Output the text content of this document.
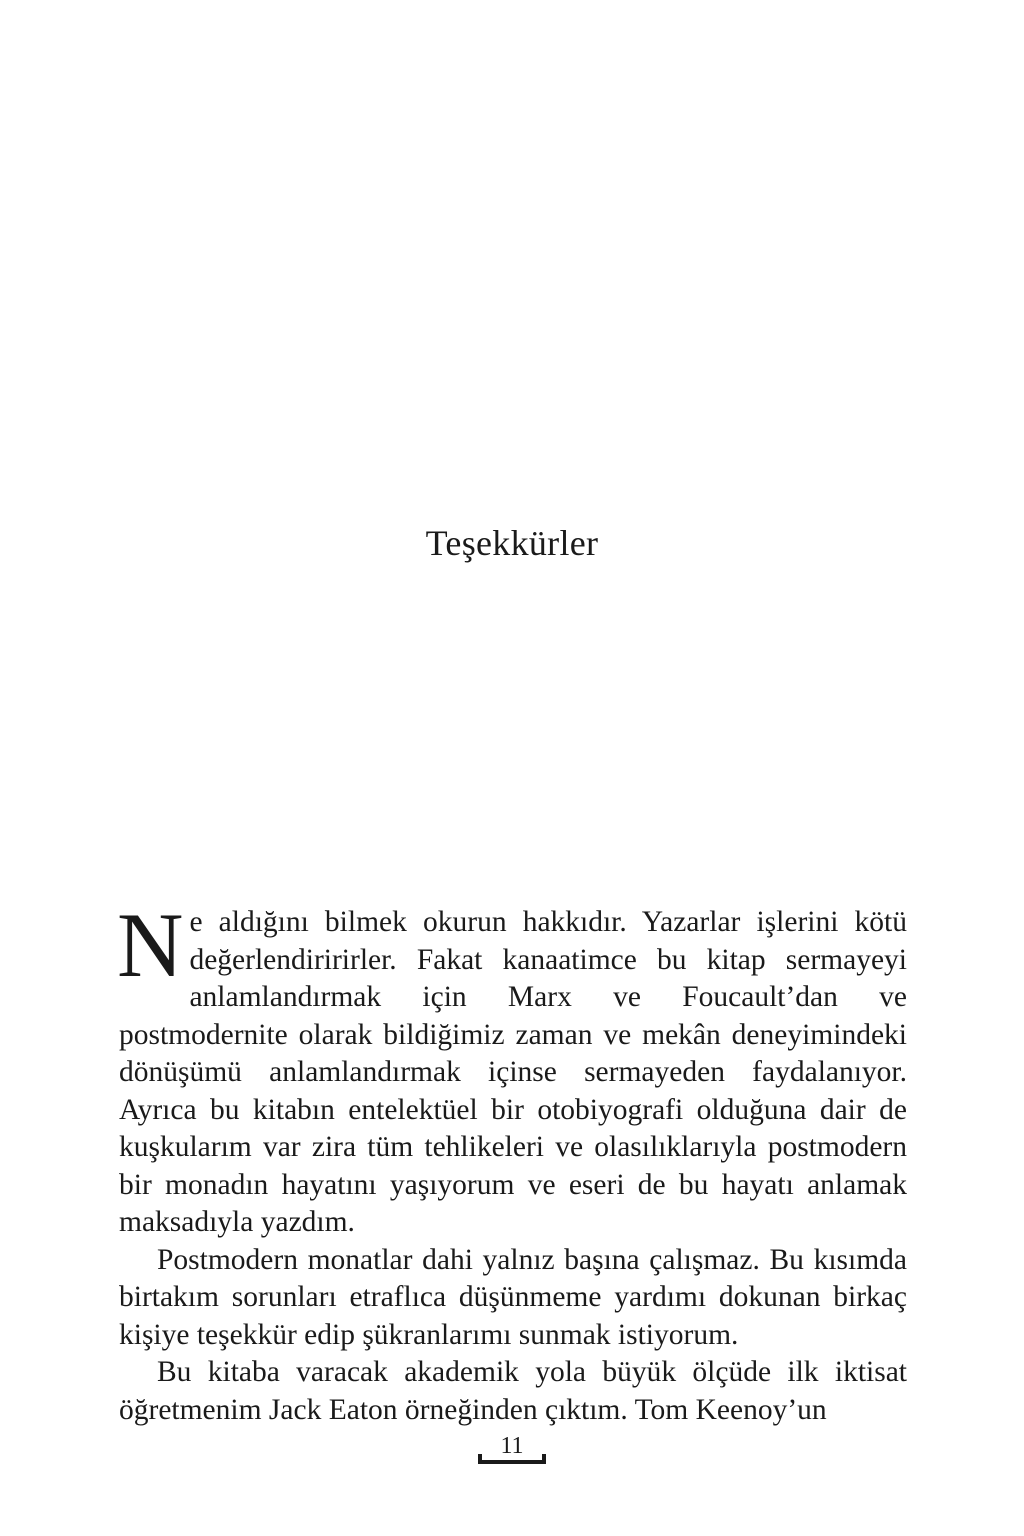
Teşekkürler

Ne aldığını bilmek okurun hakkıdır. Yazarlar işlerini kötü değerlendiririrler. Fakat kanaatimce bu kitap sermayeyi anlamlandırmak için Marx ve Foucault’dan ve postmodernite olarak bildiğimiz zaman ve mekân deneyimindeki dönüşümü anlamlandırmak içinse sermayeden faydalanıyor. Ayrıca bu kitabın entelektüel bir otobiyografi olduğuna dair de kuşkularım var zira tüm tehlikeleri ve olasılıklarıyla postmodern bir monadın hayatını yaşıyorum ve eseri de bu hayatı anlamak maksadıyla yazdım.

Postmodern monatlar dahi yalnız başına çalışmaz. Bu kısımda birtakım sorunları etraflıca düşünmeme yardımı dokunan birkaç kişiye teşekkür edip şükranlarımı sunmak istiyorum.

Bu kitaba varacak akademik yola büyük ölçüde ilk iktisat öğretmenim Jack Eaton örneğinden çıktım. Tom Keenoy’un

11
